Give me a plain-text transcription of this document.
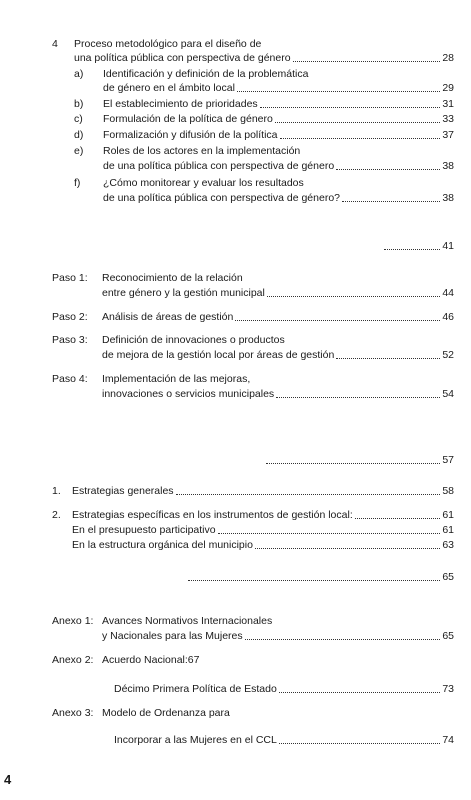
4 Proceso metodológico para el diseño de
una política pública con perspectiva de género	28
a) Identificación y definición de la problemática
de género en el ámbito local	29
b) El establecimiento de prioridades	31
c) Formulación de la política de género	33
d) Formalización y difusión de la política	37
e) Roles de los actores en la implementación
de una política pública con perspectiva de género	38
f) ¿Cómo monitorear y evaluar los resultados
de una política pública con perspectiva de género?	38
41
Paso 1: Reconocimiento de la relación
entre género y la gestión municipal	44
Paso 2: Análisis de áreas de gestión	46
Paso 3: Definición de innovaciones o productos
de mejora de la gestión local por áreas de gestión	52
Paso 4: Implementación de las mejoras,
innovaciones o servicios municipales	54
57
1. Estrategias generales	58
2. Estrategias específicas en los instrumentos de gestión local:	61
En el presupuesto participativo	61
En la estructura orgánica del municipio	63
65
Anexo 1: Avances Normativos Internacionales
y Nacionales para las Mujeres	65
Anexo 2: Acuerdo Nacional:67
Décimo Primera Política de Estado	73
Anexo 3: Modelo de Ordenanza para
Incorporar a las Mujeres en el CCL	74
4
